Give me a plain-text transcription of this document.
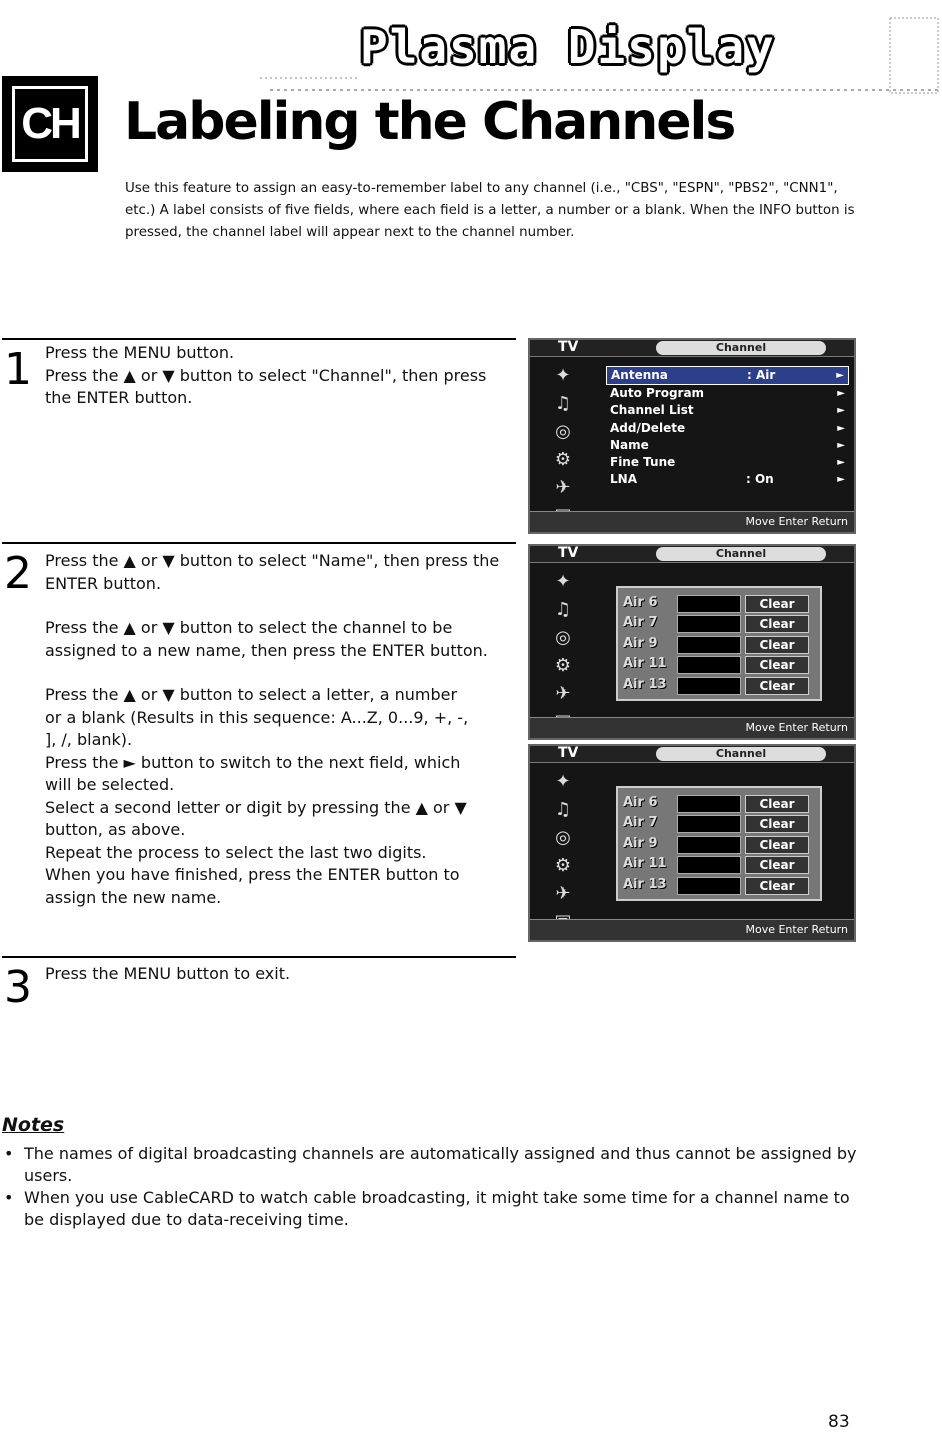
Plasma Display
CH Labeling the Channels
Use this feature to assign an easy-to-remember label to any channel (i.e., "CBS", "ESPN", "PBS2", "CNN1", etc.) A label consists of five fields, where each field is a letter, a number or a blank. When the INFO button is pressed, the channel label will appear next to the channel number.
1 Press the MENU button.

Press the ▲ or ▼ button to select "Channel", then press the ENTER button.

TV	Channel
✦
♫
◎
⚙
✈
Antenna	: Air	►
Auto Program	►
Channel List	►
Add/Delete	►
Name	►
Fine Tune	►
LNA	: On	►
Move Enter Return
2 Press the ▲ or ▼ button to select "Name", then press the ENTER button.

Press the ▲ or ▼ button to select the channel to be assigned to a new name, then press the ENTER button.

Press the ▲ or ▼ button to select a letter, a number or a blank (Results in this sequence: A...Z, 0...9, +, -, ], /, blank).

Press the ► button to switch to the next field, which will be selected.

Select a second letter or digit by pressing the ▲ or ▼ button, as above.

Repeat the process to select the last two digits.

When you have finished, press the ENTER button to assign the new name.

TV	Channel
✦
♫
◎
⚙
✈
Air 6	Clear
Air 7	Clear
Air 9	Clear
Air 11	Clear
Air 13	Clear
Move Enter Return
TV	Channel
✦
♫
◎
⚙
✈
Air 6	Clear
Air 7	Clear
Air 9	Clear
Air 11	Clear
Air 13	Clear
Move Enter Return
3 Press the MENU button to exit.

Notes
• The names of digital broadcasting channels are automatically assigned and thus cannot be assigned by users.
• When you use CableCARD to watch cable broadcasting, it might take some time for a channel name to be displayed due to data-receiving time.
83
